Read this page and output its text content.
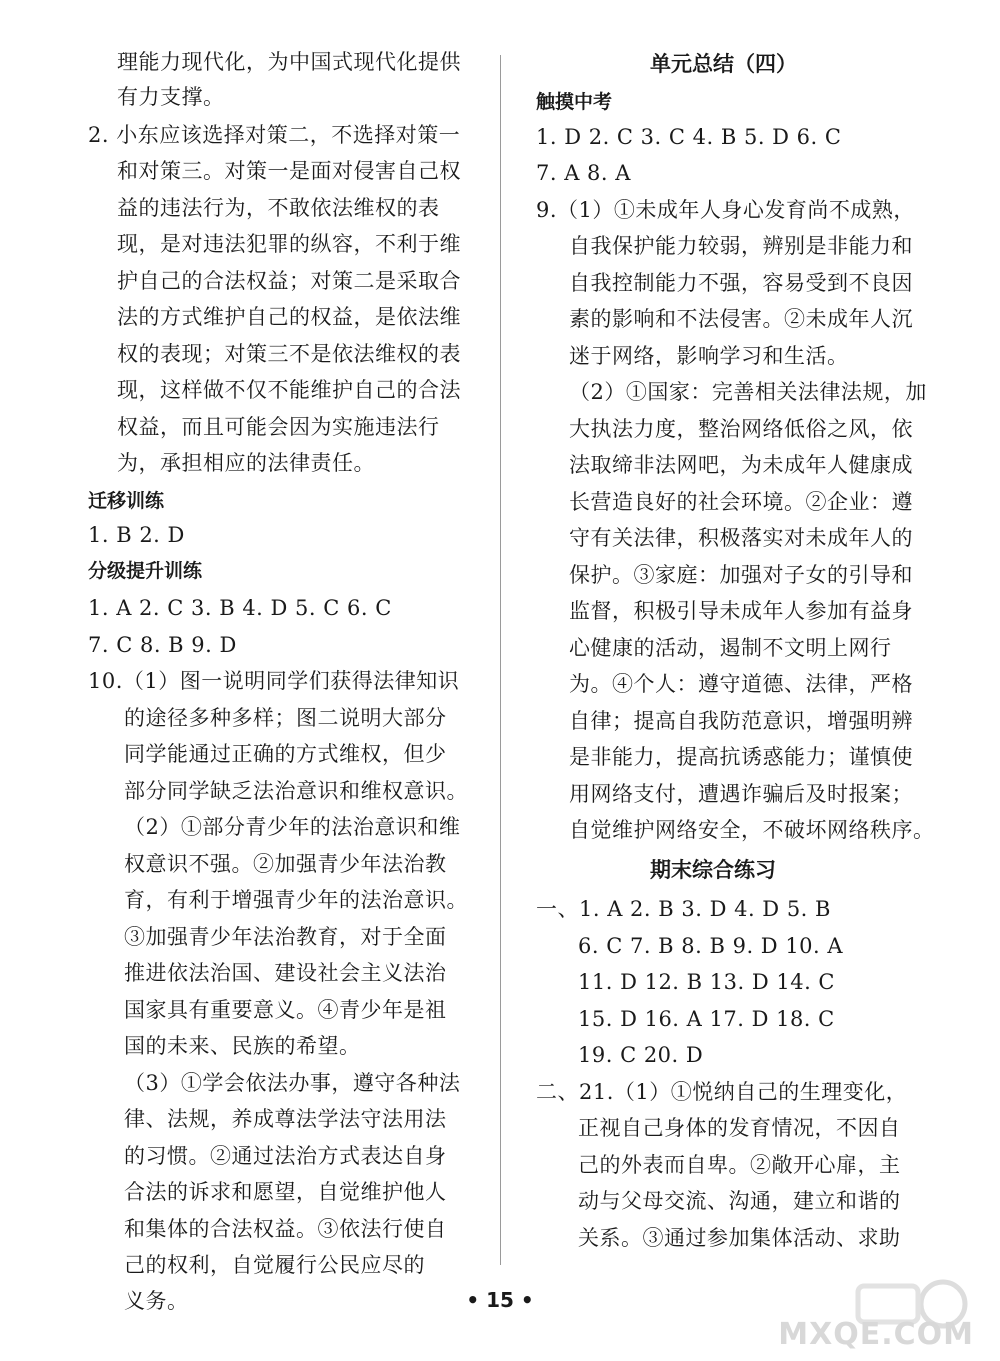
理能力现代化，为中国式现代化提供
有力支撑。
2. 小东应该选择对策二，不选择对策一
和对策三。对策一是面对侵害自己权
益的违法行为，不敢依法维权的表
现，是对违法犯罪的纵容，不利于维
护自己的合法权益；对策二是采取合
法的方式维护自己的权益，是依法维
权的表现；对策三不是依法维权的表
现，这样做不仅不能维护自己的合法
权益，而且可能会因为实施违法行
为，承担相应的法律责任。
迁移训练
1. B 2. D
分级提升训练
1. A 2. C 3. B 4. D 5. C 6. C
7. C 8. B 9. D
10.（1）图一说明同学们获得法律知识
的途径多种多样；图二说明大部分
同学能通过正确的方式维权，但少
部分同学缺乏法治意识和维权意识。
（2）①部分青少年的法治意识和维
权意识不强。②加强青少年法治教
育，有利于增强青少年的法治意识。
③加强青少年法治教育，对于全面
推进依法治国、建设社会主义法治
国家具有重要意义。④青少年是祖
国的未来、民族的希望。
（3）①学会依法办事，遵守各种法
律、法规，养成尊法学法守法用法
的习惯。②通过法治方式表达自身
合法的诉求和愿望，自觉维护他人
和集体的合法权益。③依法行使自
己的权利，自觉履行公民应尽的
义务。
单元总结（四）
触摸中考
1. D 2. C 3. C 4. B 5. D 6. C
7. A 8. A
9.（1）①未成年人身心发育尚不成熟，
自我保护能力较弱，辨别是非能力和
自我控制能力不强，容易受到不良因
素的影响和不法侵害。②未成年人沉
迷于网络，影响学习和生活。
（2）①国家：完善相关法律法规，加
大执法力度，整治网络低俗之风，依
法取缔非法网吧，为未成年人健康成
长营造良好的社会环境。②企业：遵
守有关法律，积极落实对未成年人的
保护。③家庭：加强对子女的引导和
监督，积极引导未成年人参加有益身
心健康的活动，遏制不文明上网行
为。④个人：遵守道德、法律，严格
自律；提高自我防范意识，增强明辨
是非能力，提高抗诱惑能力；谨慎使
用网络支付，遭遇诈骗后及时报案；
自觉维护网络安全，不破坏网络秩序。
期末综合练习
一、1. A 2. B 3. D 4. D 5. B
6. C 7. B 8. B 9. D 10. A
11. D 12. B 13. D 14. C
15. D 16. A 17. D 18. C
19. C 20. D
二、21.（1）①悦纳自己的生理变化，
正视自己身体的发育情况，不因自
己的外表而自卑。②敞开心扉，主
动与父母交流、沟通，建立和谐的
关系。③通过参加集体活动、求助
• 15 •
MXQE.COM
